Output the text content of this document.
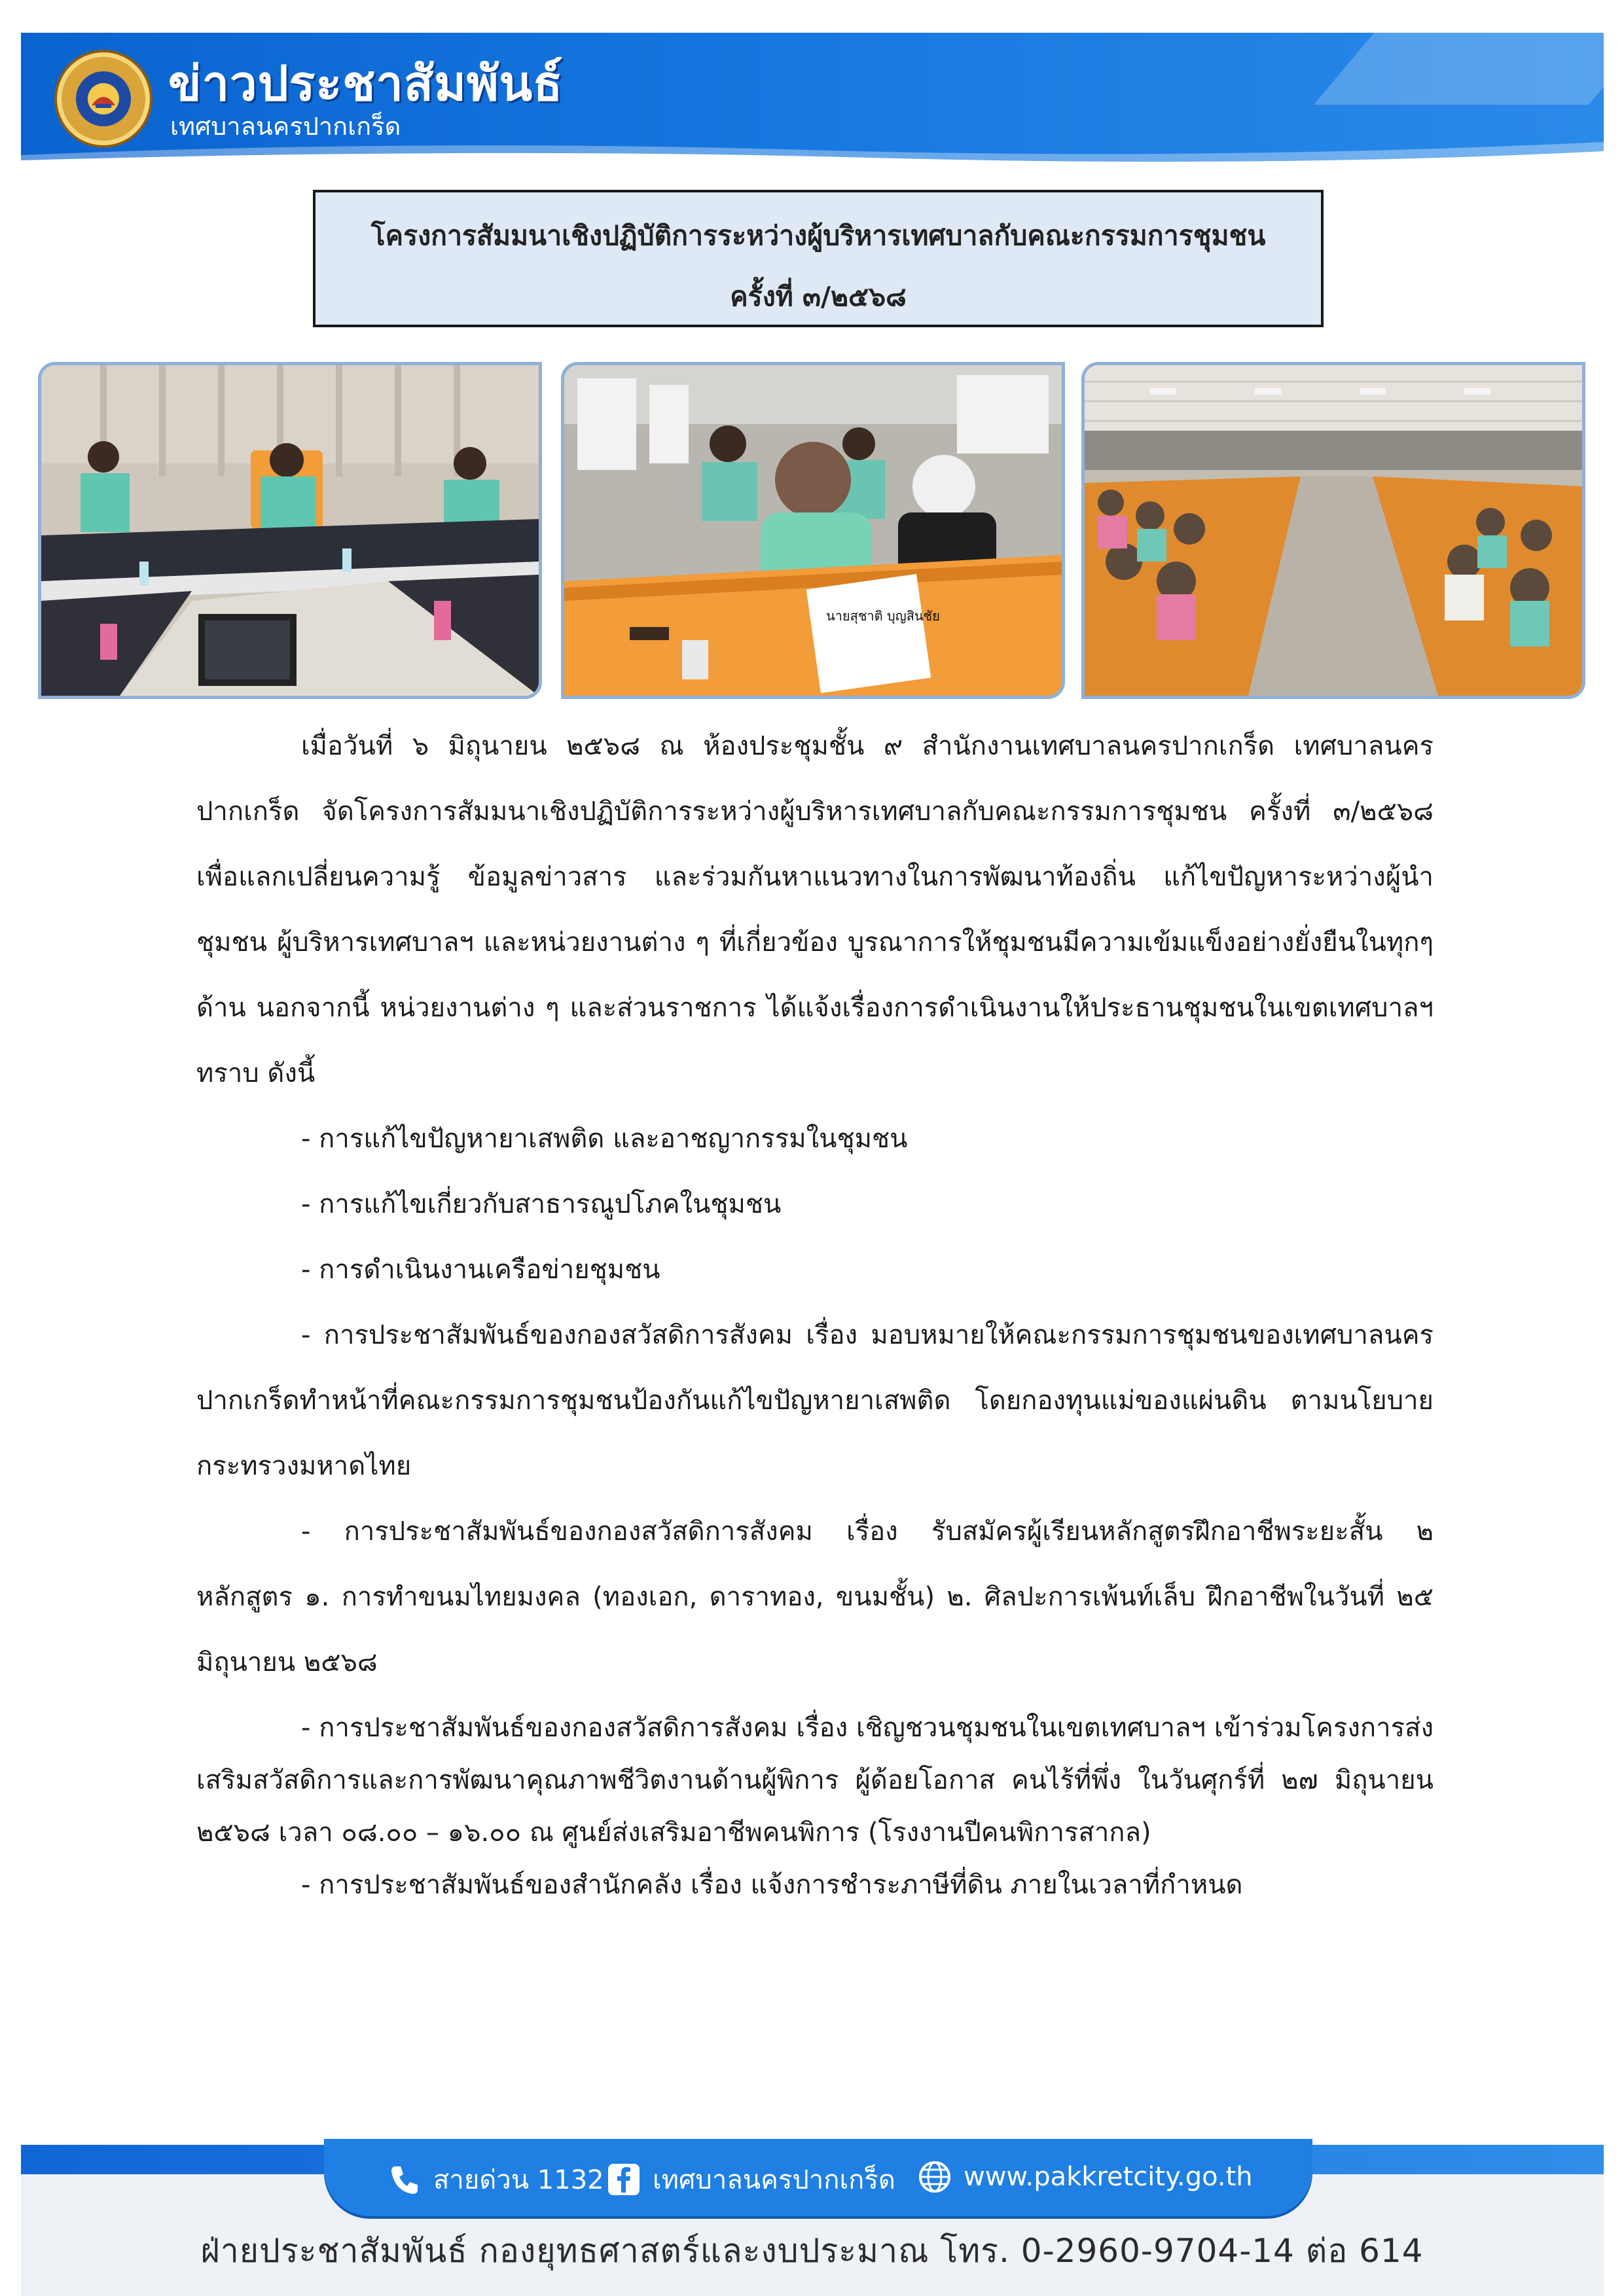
ข่าวประชาสัมพันธ์
เทศบาลนครปากเกร็ด
โครงการสัมมนาเชิงปฏิบัติการระหว่างผู้บริหารเทศบาลกับคณะกรรมการชุมชน
ครั้งที่ ๓/๒๕๖๘
นายสุชาติ บุญสินชัย
เมื่อวันที่ ๖ มิถุนายน ๒๕๖๘ ณ ห้องประชุมชั้น ๙ สำนักงานเทศบาลนครปากเกร็ด เทศบาลนครปากเกร็ด จัดโครงการสัมมนาเชิงปฏิบัติการระหว่างผู้บริหารเทศบาลกับคณะกรรมการชุมชน ครั้งที่ ๓/๒๕๖๘ เพื่อแลกเปลี่ยนความรู้ ข้อมูลข่าวสาร และร่วมกันหาแนวทางในการพัฒนาท้องถิ่น แก้ไขปัญหาระหว่างผู้นำชุมชน ผู้บริหารเทศบาลฯ และหน่วยงานต่าง ๆ ที่เกี่ยวข้อง บูรณาการให้ชุมชนมีความเข้มแข็งอย่างยั่งยืนในทุกๆ ด้าน นอกจากนี้ หน่วยงานต่าง ๆ และส่วนราชการ ได้แจ้งเรื่องการดำเนินงานให้ประธานชุมชนในเขตเทศบาลฯ ทราบ ดังนี้
- การแก้ไขปัญหายาเสพติด และอาชญากรรมในชุมชน
- การแก้ไขเกี่ยวกับสาธารณูปโภคในชุมชน
- การดำเนินงานเครือข่ายชุมชน
- การประชาสัมพันธ์ของกองสวัสดิการสังคม เรื่อง มอบหมายให้คณะกรรมการชุมชนของเทศบาลนครปากเกร็ดทำหน้าที่คณะกรรมการชุมชนป้องกันแก้ไขปัญหายาเสพติด โดยกองทุนแม่ของแผ่นดิน ตามนโยบายกระทรวงมหาดไทย
- การประชาสัมพันธ์ของกองสวัสดิการสังคม เรื่อง รับสมัครผู้เรียนหลักสูตรฝึกอาชีพระยะสั้น ๒ หลักสูตร ๑. การทำขนมไทยมงคล (ทองเอก, ดาราทอง, ขนมชั้น) ๒. ศิลปะการเพ้นท์เล็บ ฝึกอาชีพในวันที่ ๒๕ มิถุนายน ๒๕๖๘
- การประชาสัมพันธ์ของกองสวัสดิการสังคม เรื่อง เชิญชวนชุมชนในเขตเทศบาลฯ เข้าร่วมโครงการส่งเสริมสวัสดิการและการพัฒนาคุณภาพชีวิตงานด้านผู้พิการ ผู้ด้อยโอกาส คนไร้ที่พึ่ง ในวันศุกร์ที่ ๒๗ มิถุนายน ๒๕๖๘ เวลา ๐๘.๐๐ – ๑๖.๐๐ ณ ศูนย์ส่งเสริมอาชีพคนพิการ (โรงงานปีคนพิการสากล)
- การประชาสัมพันธ์ของสำนักคลัง เรื่อง แจ้งการชำระภาษีที่ดิน ภายในเวลาที่กำหนด
สายด่วน 1132 เทศบาลนครปากเกร็ด	www.pakkretcity.go.th
ฝ่ายประชาสัมพันธ์ กองยุทธศาสตร์และงบประมาณ โทร. 0-2960-9704-14 ต่อ 614
